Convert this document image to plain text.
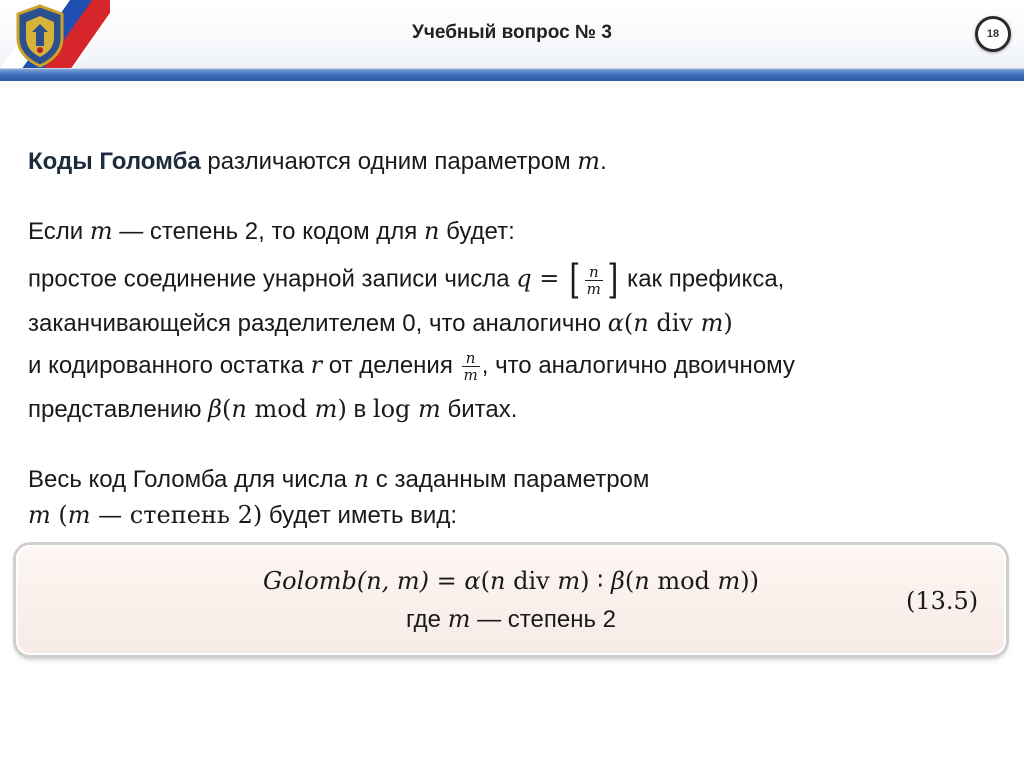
Учебный вопрос № 3	18
Коды Голомба различаются одним параметром m.
Если m — степень 2, то кодом для n будет:
простое соединение унарной записи числа q = [ $\frac{n}{m}$ ] как префикса,
заканчивающейся разделителем 0, что аналогично α(n div m)
и кодированного остатка r от деления $\frac{n}{m}$ , что аналогично двоичному
представлению β(n mod m) в log m битах.
Весь код Голомба для числа n с заданным параметром
m (m — степень 2) будет иметь вид:
Golomb(n, m) = α(n div m) ∶ β(n mod m))
где m — степень 2
(13.5)
